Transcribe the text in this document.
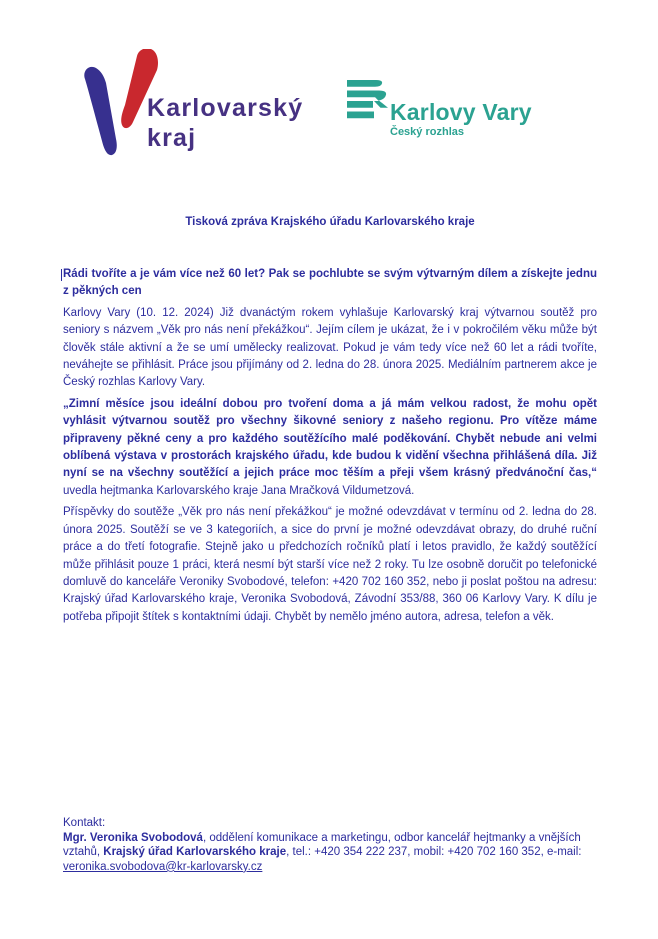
Karlovarský
kraj
Karlovy Vary
Český rozhlas
Tisková zpráva Krajského úřadu Karlovarského kraje

Rádi tvoříte a je vám více než 60 let? Pak se pochlubte se svým výtvarným dílem a získejte jednu z pěkných cen

Karlovy Vary (10. 12. 2024) Již dvanáctým rokem vyhlašuje Karlovarský kraj výtvarnou soutěž pro seniory s názvem „Věk pro nás není překážkou“. Jejím cílem je ukázat, že i v pokročilém věku může být člověk stále aktivní a že se umí umělecky realizovat. Pokud je vám tedy více než 60 let a rádi tvoříte, neváhejte se přihlásit. Práce jsou přijímány od 2. ledna do 28. února 2025. Mediálním partnerem akce je Český rozhlas Karlovy Vary.

„Zimní měsíce jsou ideální dobou pro tvoření doma a já mám velkou radost, že mohu opět vyhlásit výtvarnou soutěž pro všechny šikovné seniory z našeho regionu. Pro vítěze máme připraveny pěkné ceny a pro každého soutěžícího malé poděkování. Chybět nebude ani velmi oblíbená výstava v prostorách krajského úřadu, kde budou k vidění všechna přihlášená díla. Již nyní se na všechny soutěžící a jejich práce moc těším a přeji všem krásný předvánoční čas,“ uvedla hejtmanka Karlovarského kraje Jana Mračková Vildumetzová.

Příspěvky do soutěže „Věk pro nás není překážkou“ je možné odevzdávat v termínu od 2. ledna do 28. února 2025. Soutěží se ve 3 kategoriích, a sice do první je možné odevzdávat obrazy, do druhé ruční práce a do třetí fotografie. Stejně jako u předchozích ročníků platí i letos pravidlo, že každý soutěžící může přihlásit pouze 1 práci, která nesmí být starší více než 2 roky. Tu lze osobně doručit po telefonické domluvě do kanceláře Veroniky Svobodové, telefon: +420 702 160 352, nebo ji poslat poštou na adresu: Krajský úřad Karlovarského kraje, Veronika Svobodová, Závodní 353/88, 360 06 Karlovy Vary. K dílu je potřeba připojit štítek s kontaktními údaji. Chybět by nemělo jméno autora, adresa, telefon a věk.

Kontakt:

Mgr. Veronika Svobodová, oddělení komunikace a marketingu, odbor kancelář hejtmanky a vnějších vztahů, Krajský úřad Karlovarského kraje, tel.: +420 354 222 237, mobil: +420 702 160 352, e-mail:
veronika.svobodova@kr-karlovarsky.cz
